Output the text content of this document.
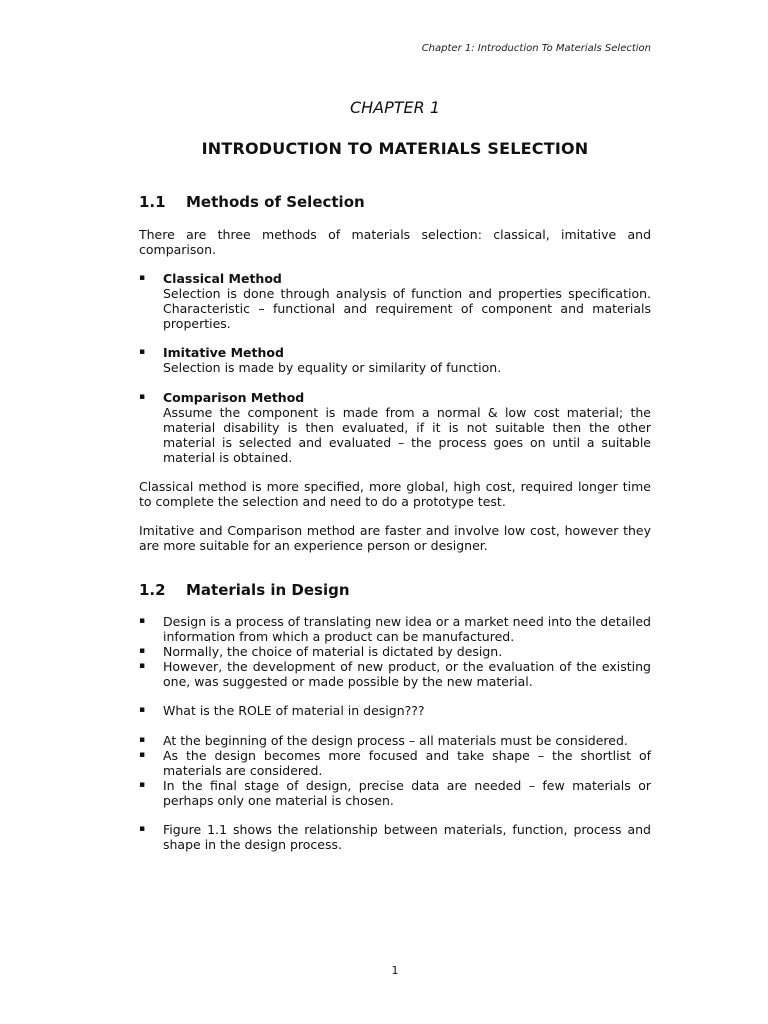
Chapter 1: Introduction To Materials Selection
CHAPTER 1
INTRODUCTION TO MATERIALS SELECTION
1.1 Methods of Selection
There are three methods of materials selection: classical, imitative and comparison.
▪ Classical Method
Selection is done through analysis of function and properties specification. Characteristic – functional and requirement of component and materials properties.
▪ Imitative Method
Selection is made by equality or similarity of function.
▪ Comparison Method
Assume the component is made from a normal & low cost material; the material disability is then evaluated, if it is not suitable then the other material is selected and evaluated – the process goes on until a suitable material is obtained.
Classical method is more specified, more global, high cost, required longer time to complete the selection and need to do a prototype test.
Imitative and Comparison method are faster and involve low cost, however they are more suitable for an experience person or designer.
1.2 Materials in Design
▪ Design is a process of translating new idea or a market need into the detailed information from which a product can be manufactured.
▪ Normally, the choice of material is dictated by design.
▪ However, the development of new product, or the evaluation of the existing one, was suggested or made possible by the new material.
▪ What is the ROLE of material in design???
▪ At the beginning of the design process – all materials must be considered.
▪ As the design becomes more focused and take shape – the shortlist of materials are considered.
▪ In the final stage of design, precise data are needed – few materials or perhaps only one material is chosen.
▪ Figure 1.1 shows the relationship between materials, function, process and shape in the design process.
1
